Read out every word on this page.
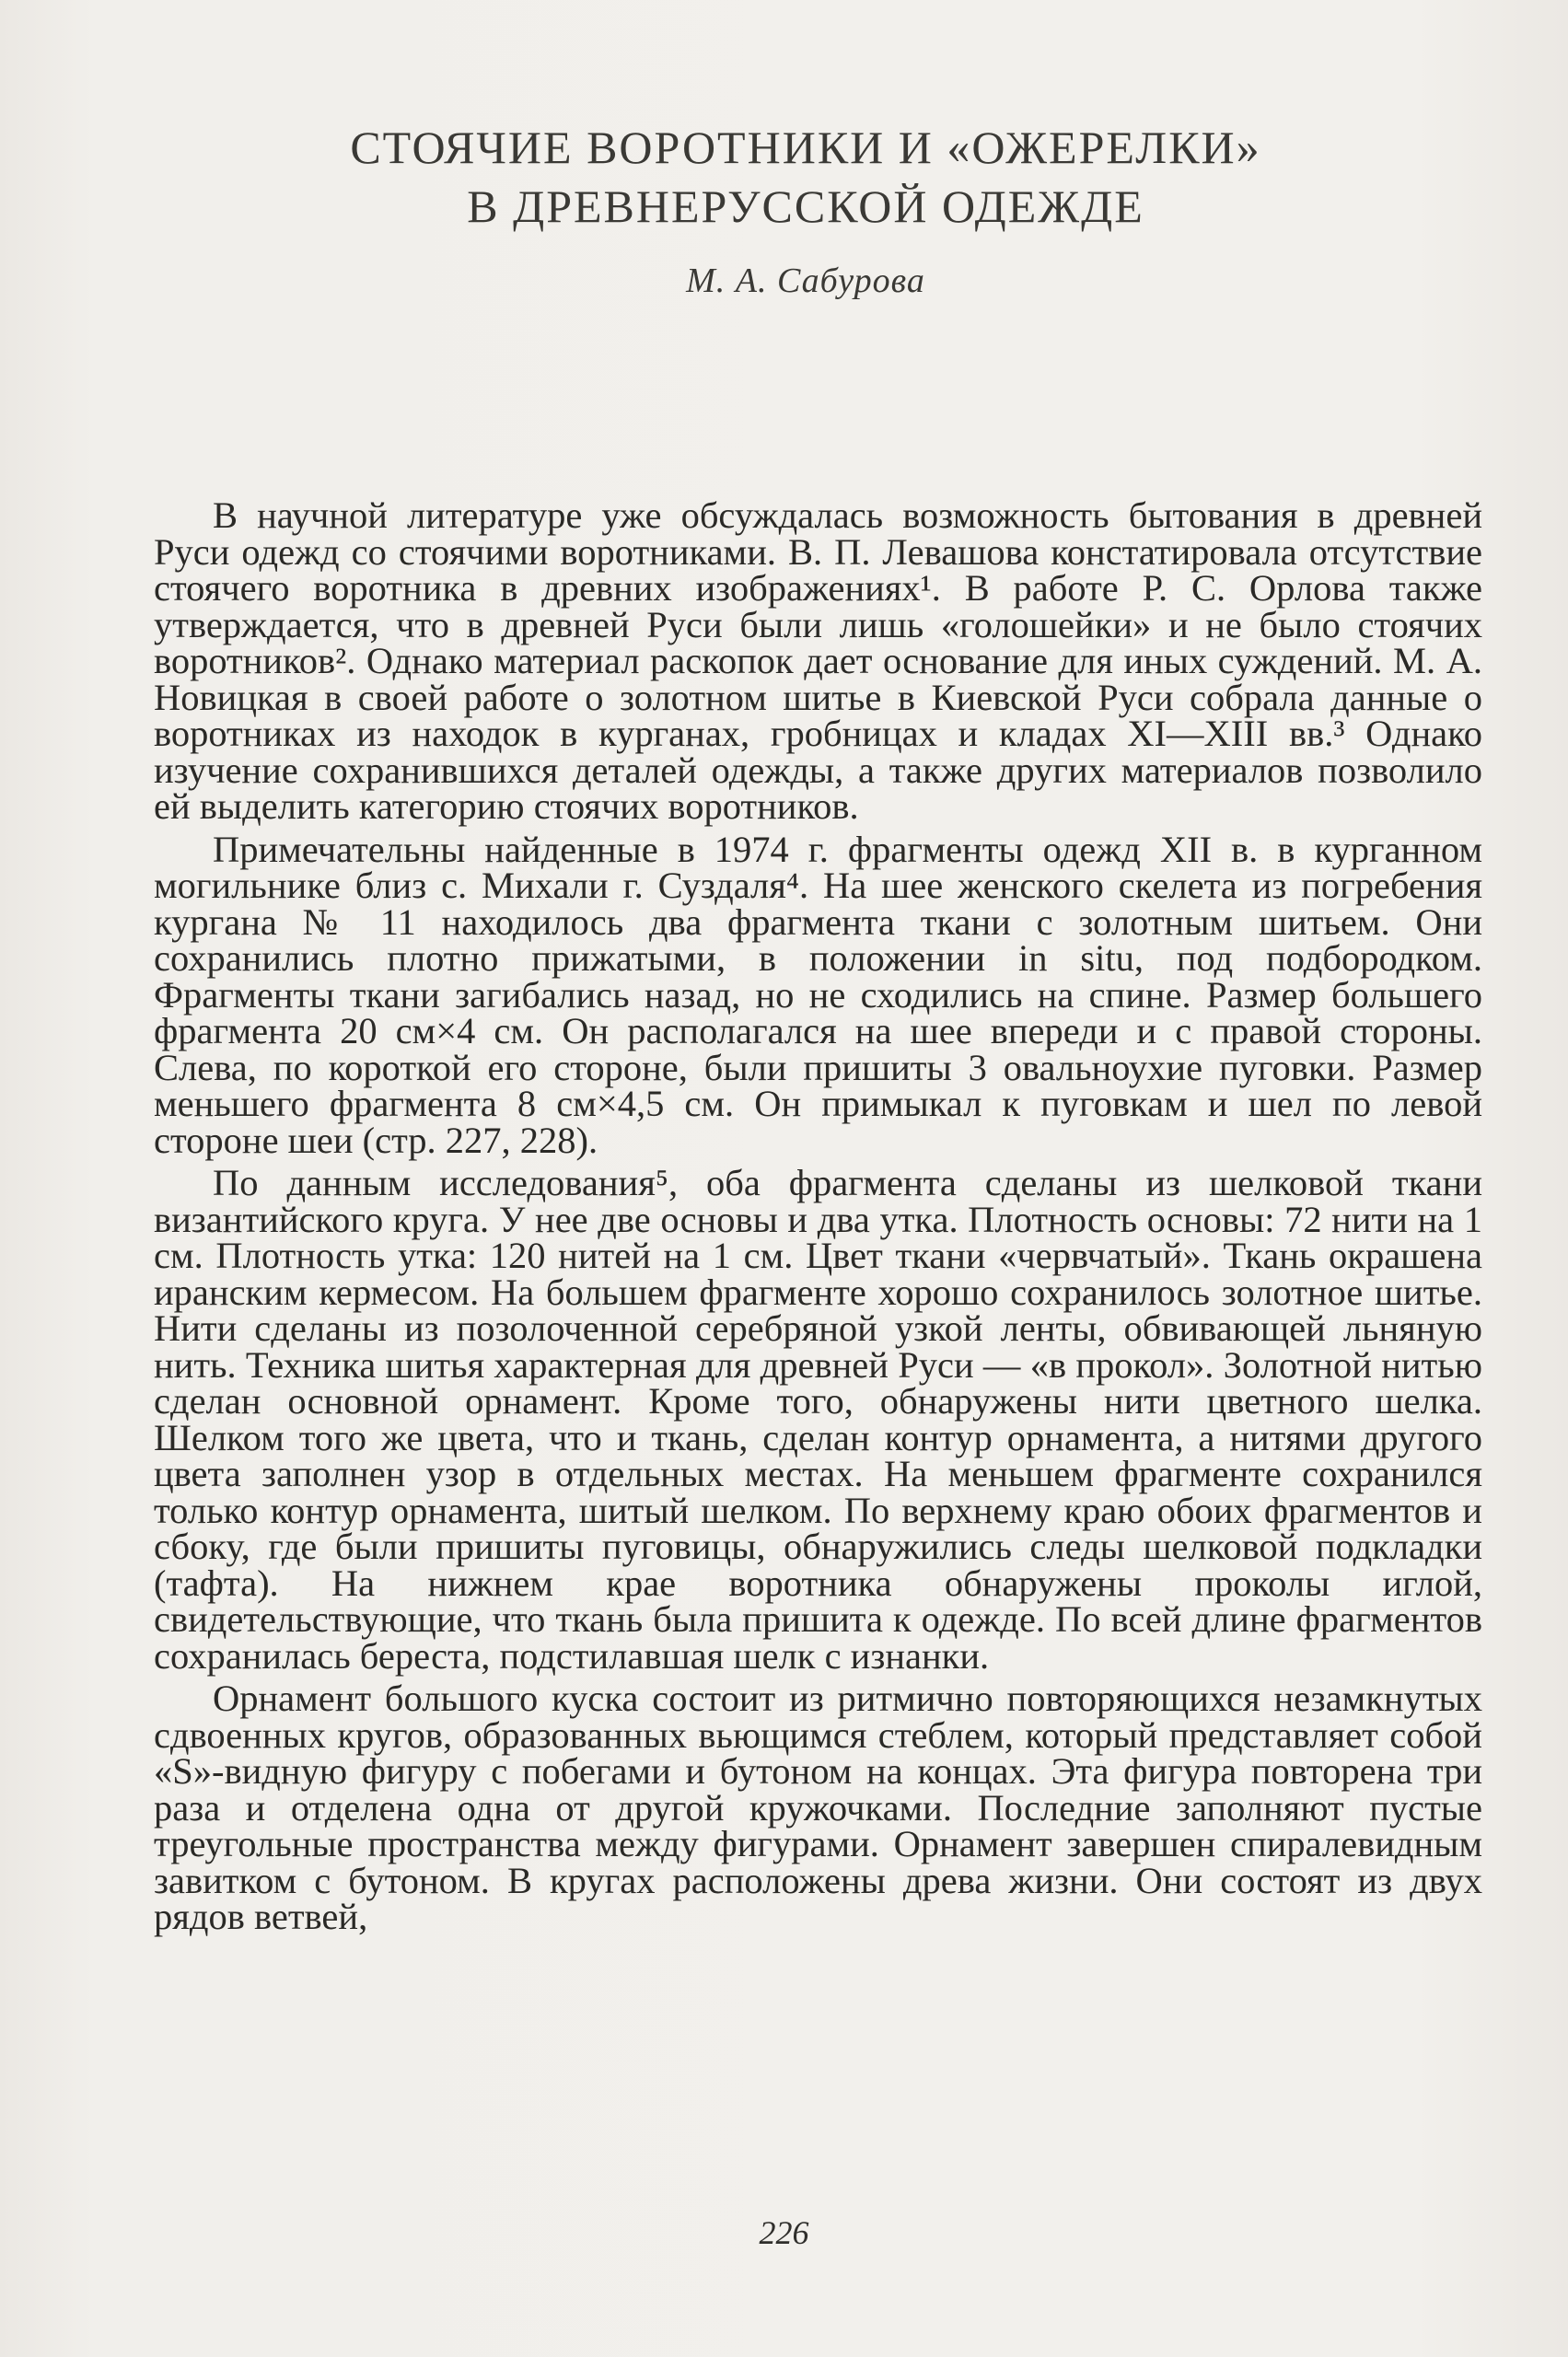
СТОЯЧИЕ ВОРОТНИКИ И «ОЖЕРЕЛКИ»
В ДРЕВНЕРУССКОЙ ОДЕЖДЕ
М. А. Сабурова

В научной литературе уже обсуждалась возможность бытования в древней Руси одежд со стоячими воротниками. В. П. Левашова констатировала отсутствие стоячего воротника в древних изображениях¹. В работе Р. С. Орлова также утверждается, что в древней Руси были лишь «голошейки» и не было стоячих воротников². Однако материал раскопок дает основание для иных суждений. М. А. Новицкая в своей работе о золотном шитье в Киевской Руси собрала данные о воротниках из находок в курганах, гробницах и кладах XI—XIII вв.³ Однако изучение сохранившихся деталей одежды, а также других материалов позволило ей выделить категорию стоячих воротников.

Примечательны найденные в 1974 г. фрагменты одежд XII в. в курганном могильнике близ с. Михали г. Суздаля⁴. На шее женского скелета из погребения кургана № 11 находилось два фрагмента ткани с золотным шитьем. Они сохранились плотно прижатыми, в положении in situ, под подбородком. Фрагменты ткани загибались назад, но не сходились на спине. Размер большего фрагмента 20 см×4 см. Он располагался на шее впереди и с правой стороны. Слева, по короткой его стороне, были пришиты 3 овальноухие пуговки. Размер меньшего фрагмента 8 см×4,5 см. Он примыкал к пуговкам и шел по левой стороне шеи (стр. 227, 228).

По данным исследования⁵, оба фрагмента сделаны из шелковой ткани византийского круга. У нее две основы и два утка. Плотность основы: 72 нити на 1 см. Плотность утка: 120 нитей на 1 см. Цвет ткани «червчатый». Ткань окрашена иранским кермесом. На большем фрагменте хорошо сохранилось золотное шитье. Нити сделаны из позолоченной серебряной узкой ленты, обвивающей льняную нить. Техника шитья характерная для древней Руси — «в прокол». Золотной нитью сделан основной орнамент. Кроме того, обнаружены нити цветного шелка. Шелком того же цвета, что и ткань, сделан контур орнамента, а нитями другого цвета заполнен узор в отдельных местах. На меньшем фрагменте сохранился только контур орнамента, шитый шелком. По верхнему краю обоих фрагментов и сбоку, где были пришиты пуговицы, обнаружились следы шелковой подкладки (тафта). На нижнем крае воротника обнаружены проколы иглой, свидетельствующие, что ткань была пришита к одежде. По всей длине фрагментов сохранилась береста, подстилавшая шелк с изнанки.

Орнамент большого куска состоит из ритмично повторяющихся незамкнутых сдвоенных кругов, образованных вьющимся стеблем, который представляет собой «S»-видную фигуру с побегами и бутоном на концах. Эта фигура повторена три раза и отделена одна от другой кружочками. Последние заполняют пустые треугольные пространства между фигурами. Орнамент завершен спиралевидным завитком с бутоном. В кругах расположены древа жизни. Они состоят из двух рядов ветвей,

226
